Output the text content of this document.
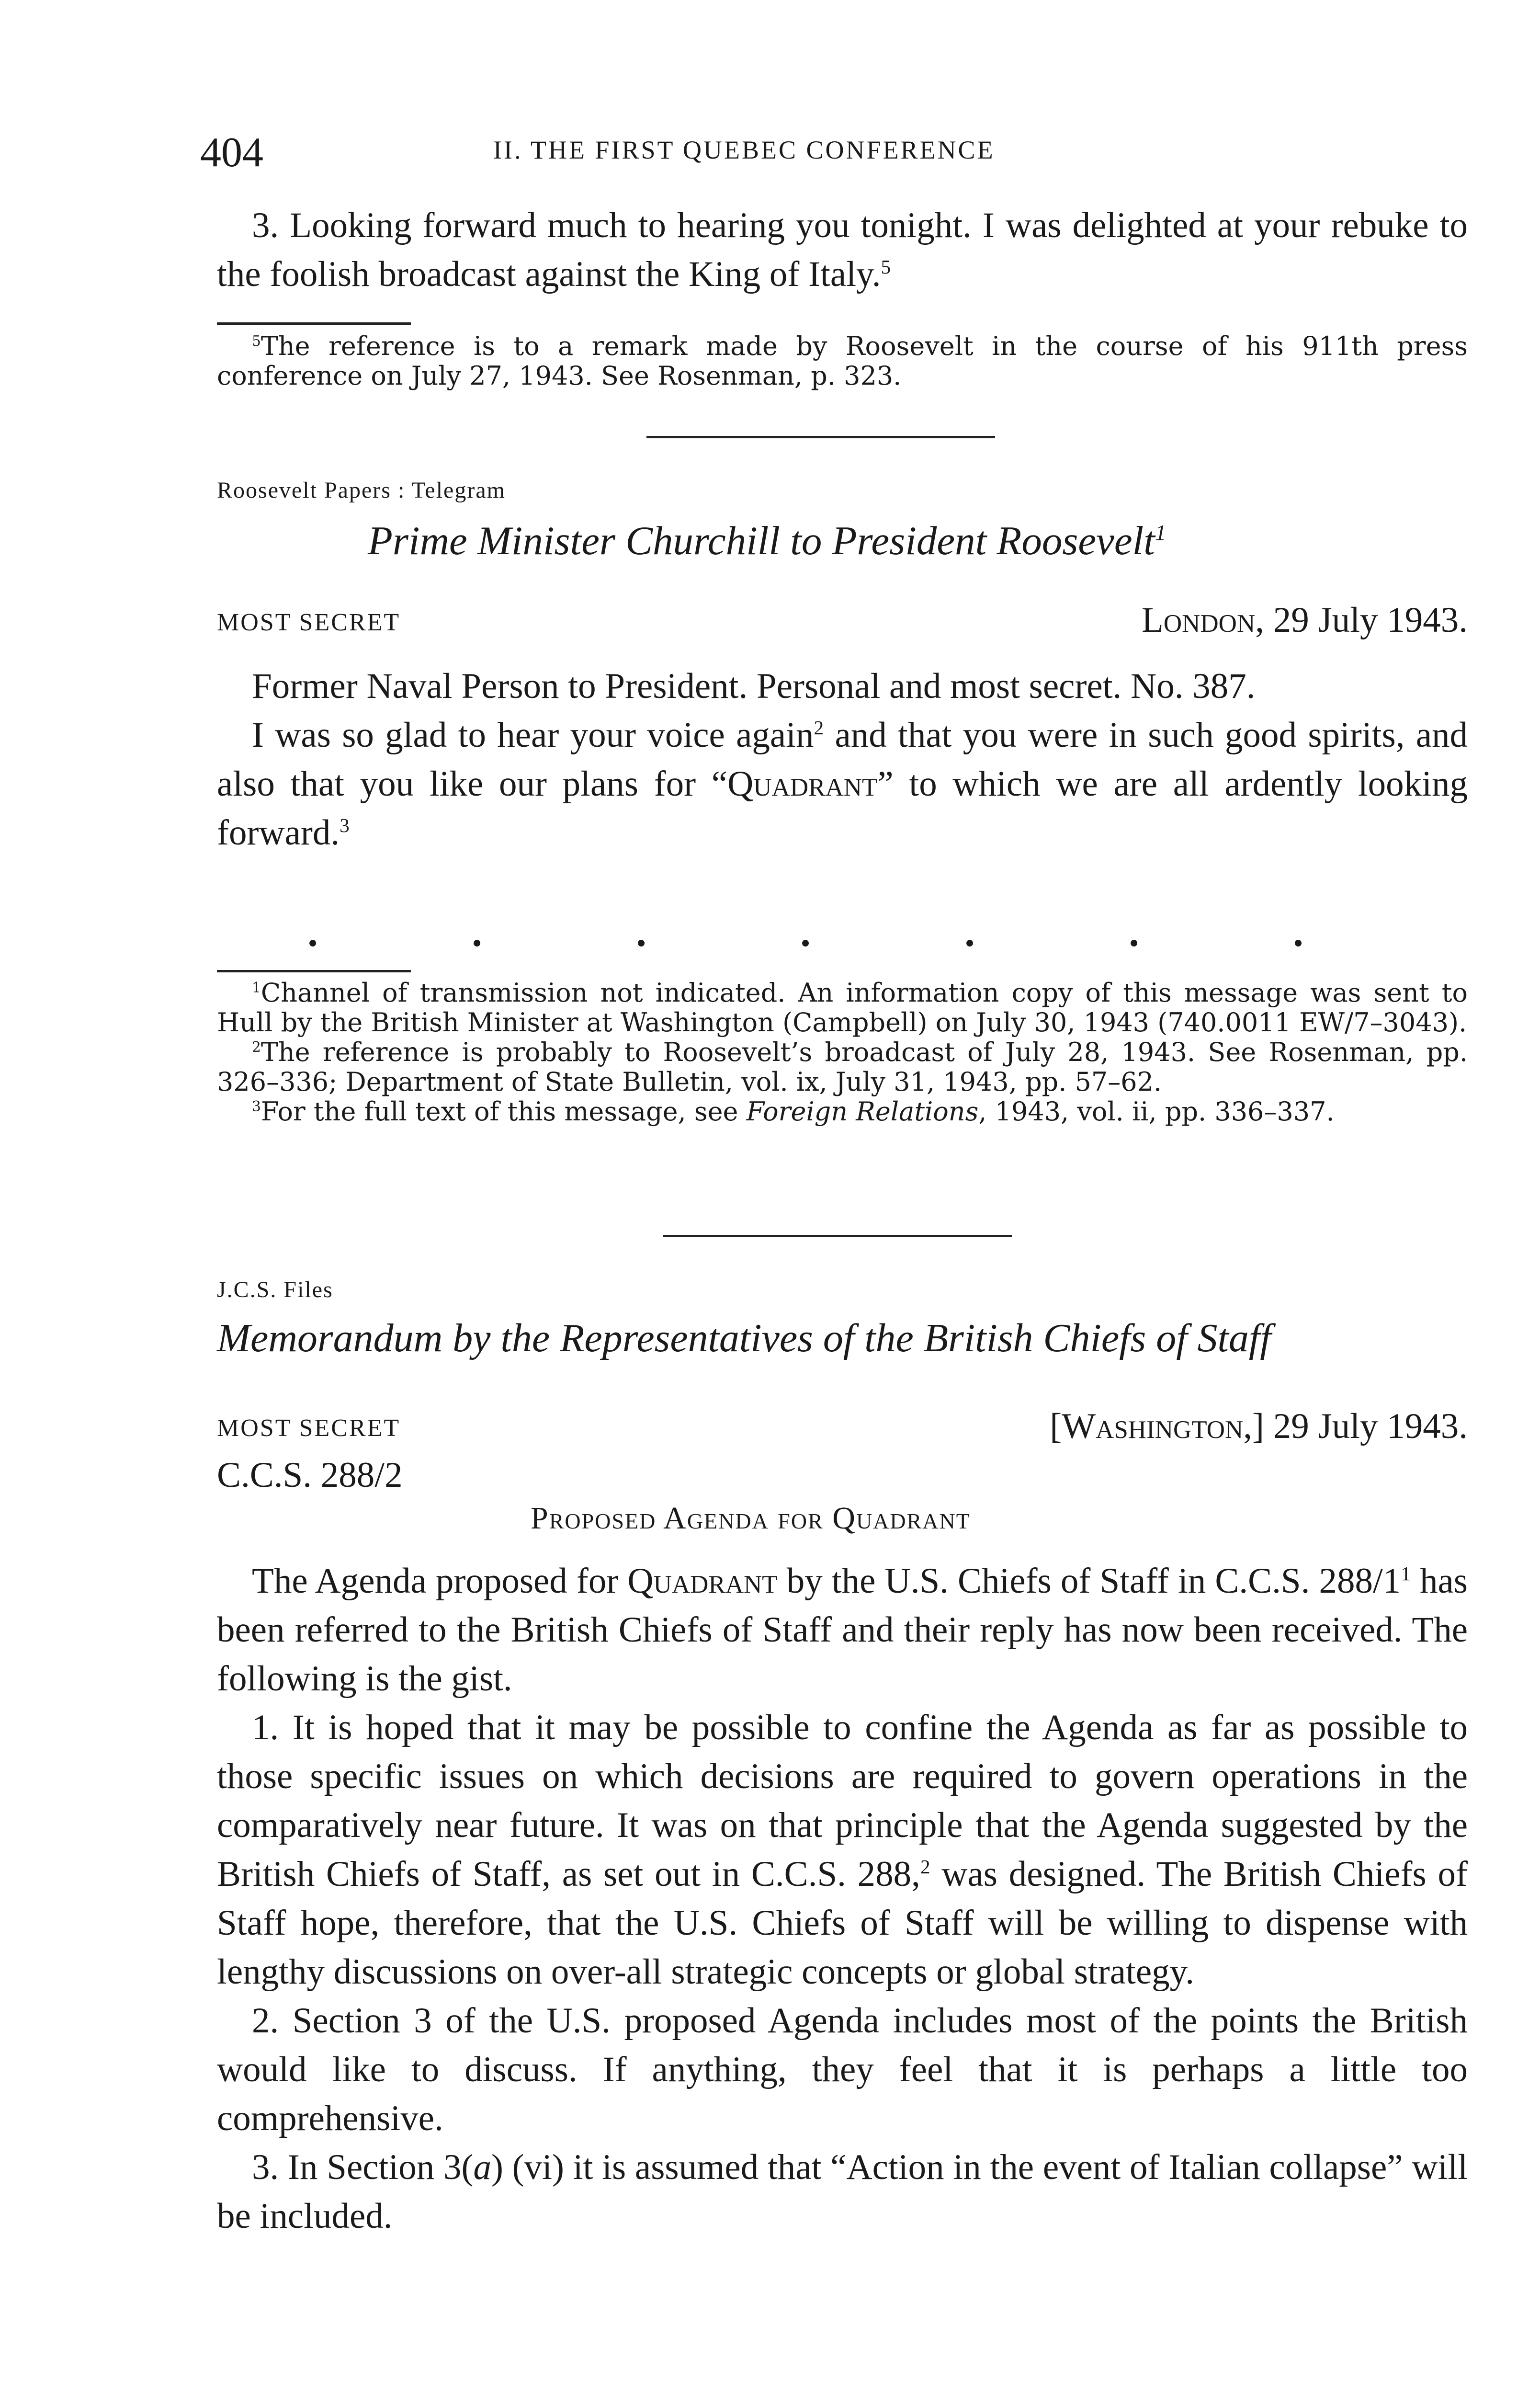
404	II. THE FIRST QUEBEC CONFERENCE

3. Looking forward much to hearing you tonight. I was delighted at your rebuke to the foolish broadcast against the King of Italy.$^5$

$^5$The reference is to a remark made by Roosevelt in the course of his 911th press conference on July 27, 1943. See Rosenman, p. 323.

Roosevelt Papers : Telegram
Prime Minister Churchill to President Roosevelt$^1$
MOST SECRET	London, 29 July 1943.

Former Naval Person to President. Personal and most secret. No. 387.

I was so glad to hear your voice again$^2$ and that you were in such good spirits, and also that you like our plans for “Quadrant” to which we are all ardently looking forward.$^3$

.        .        .        .        .        .        .

$^1$Channel of transmission not indicated. An information copy of this message was sent to Hull by the British Minister at Washington (Campbell) on July 30, 1943 (740.0011 EW/7–3043).

$^2$The reference is probably to Roosevelt’s broadcast of July 28, 1943. See Rosenman, pp. 326–336; Department of State Bulletin, vol. ix, July 31, 1943, pp. 57–62.

$^3$For the full text of this message, see Foreign Relations, 1943, vol. ii, pp. 336–337.

J.C.S. Files
Memorandum by the Representatives of the British Chiefs of Staff
MOST SECRET	[Washington,] 29 July 1943.
C.C.S. 288/2
Proposed Agenda for Quadrant

The Agenda proposed for Quadrant by the U.S. Chiefs of Staff in C.C.S. $288/1^1$ has been referred to the British Chiefs of Staff and their reply has now been received. The following is the gist.

1. It is hoped that it may be possible to confine the Agenda as far as possible to those specific issues on which decisions are required to govern operations in the comparatively near future. It was on that principle that the Agenda suggested by the British Chiefs of Staff, as set out in C.C.S. 288,$^2$ was designed. The British Chiefs of Staff hope, therefore, that the U.S. Chiefs of Staff will be willing to dispense with lengthy discussions on over-all strategic concepts or global strategy.

2. Section 3 of the U.S. proposed Agenda includes most of the points the British would like to discuss. If anything, they feel that it is perhaps a little too comprehensive.

3. In Section 3(a) (vi) it is assumed that “Action in the event of Italian collapse” will be included.
